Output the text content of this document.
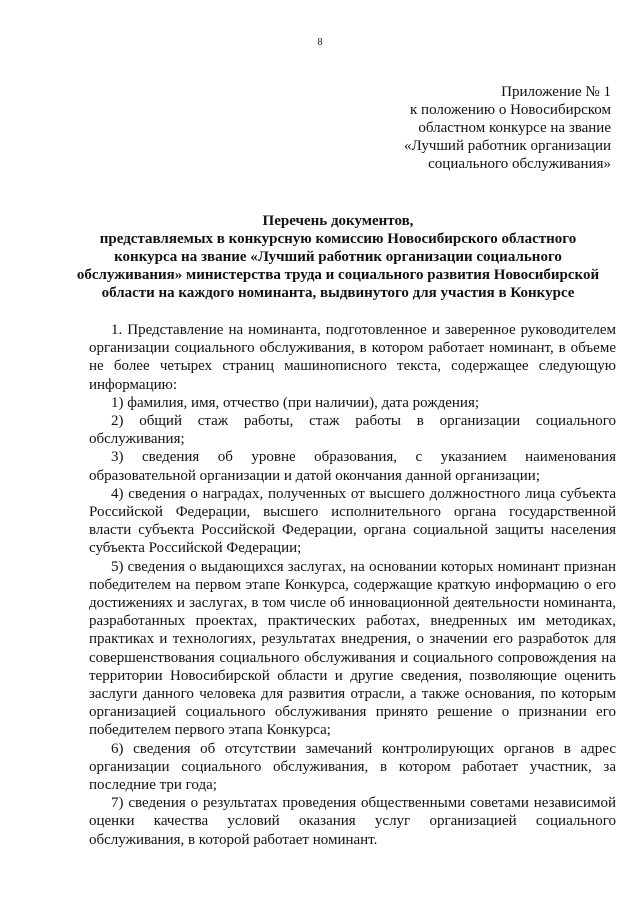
8
Приложение № 1
к положению о Новосибирском
областном конкурсе на звание
«Лучший работник организации
социального обслуживания»
Перечень документов,
представляемых в конкурсную комиссию Новосибирского областного
конкурса на звание «Лучший работник организации социального
обслуживания» министерства труда и социального развития Новосибирской
области на каждого номинанта, выдвинутого для участия в Конкурсе

1. Представление на номинанта, подготовленное и заверенное руководителем организации социального обслуживания, в котором работает номинант, в объеме не более четырех страниц машинописного текста, содержащее следующую информацию:

1) фамилия, имя, отчество (при наличии), дата рождения;

2) общий стаж работы, стаж работы в организации социального обслуживания;

3) сведения об уровне образования, с указанием наименования образовательной организации и датой окончания данной организации;

4) сведения о наградах, полученных от высшего должностного лица субъекта Российской Федерации, высшего исполнительного органа государственной власти субъекта Российской Федерации, органа социальной защиты населения субъекта Российской Федерации;

5) сведения о выдающихся заслугах, на основании которых номинант признан победителем на первом этапе Конкурса, содержащие краткую информацию о его достижениях и заслугах, в том числе об инновационной деятельности номинанта, разработанных проектах, практических работах, внедренных им методиках, практиках и технологиях, результатах внедрения, о значении его разработок для совершенствования социального обслуживания и социального сопровождения на территории Новосибирской области и другие сведения, позволяющие оценить заслуги данного человека для развития отрасли, а также основания, по которым организацией социального обслуживания принято решение о признании его победителем первого этапа Конкурса;

6) сведения об отсутствии замечаний контролирующих органов в адрес организации социального обслуживания, в котором работает участник, за последние три года;

7) сведения о результатах проведения общественными советами независимой оценки качества условий оказания услуг организацией социального обслуживания, в которой работает номинант.
